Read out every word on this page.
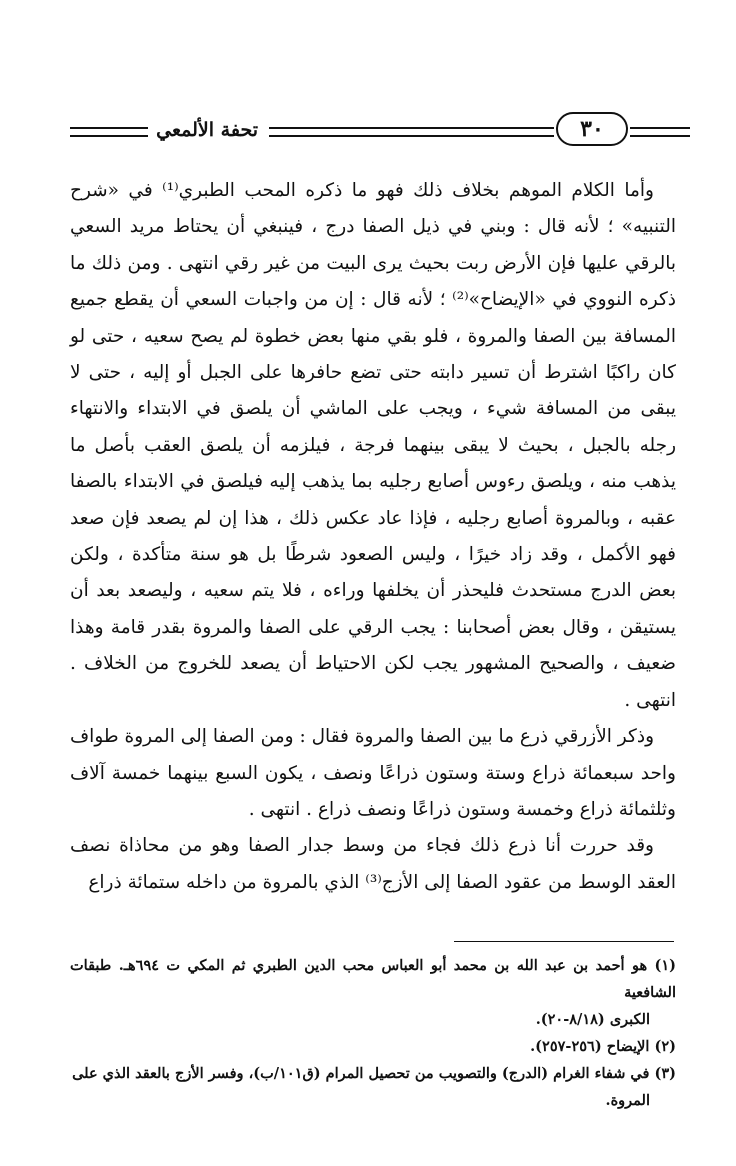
٣٠
تحفة الألمعي

وأما الكلام الموهم بخلاف ذلك فهو ما ذكره المحب الطبري⁽¹⁾ في «شرح التنبيه» ؛ لأنه قال : وبني في ذيل الصفا درج ، فينبغي أن يحتاط مريد السعي بالرقي عليها فإن الأرض ربت بحيث يرى البيت من غير رقي انتهى . ومن ذلك ما ذكره النووي في «الإيضاح»⁽²⁾ ؛ لأنه قال : إن من واجبات السعي أن يقطع جميع المسافة بين الصفا والمروة ، فلو بقي منها بعض خطوة لم يصح سعيه ، حتى لو كان راكبًا اشترط أن تسير دابته حتى تضع حافرها على الجبل أو إليه ، حتى لا يبقى من المسافة شيء ، ويجب على الماشي أن يلصق في الابتداء والانتهاء رجله بالجبل ، بحيث لا يبقى بينهما فرجة ، فيلزمه أن يلصق العقب بأصل ما يذهب منه ، ويلصق رءوس أصابع رجليه بما يذهب إليه فيلصق في الابتداء بالصفا عقبه ، وبالمروة أصابع رجليه ، فإذا عاد عكس ذلك ، هذا إن لم يصعد فإن صعد فهو الأكمل ، وقد زاد خيرًا ، وليس الصعود شرطًا بل هو سنة متأكدة ، ولكن بعض الدرج مستحدث فليحذر أن يخلفها وراءه ، فلا يتم سعيه ، وليصعد بعد أن يستيقن ، وقال بعض أصحابنا : يجب الرقي على الصفا والمروة بقدر قامة وهذا ضعيف ، والصحيح المشهور يجب لكن الاحتياط أن يصعد للخروج من الخلاف . انتهى .

وذكر الأزرقي ذرع ما بين الصفا والمروة فقال : ومن الصفا إلى المروة طواف واحد سبعمائة ذراع وستة وستون ذراعًا ونصف ، يكون السبع بينهما خمسة آلاف وثلثمائة ذراع وخمسة وستون ذراعًا ونصف ذراع . انتهى .

وقد حررت أنا ذرع ذلك فجاء من وسط جدار الصفا وهو من محاذاة نصف العقد الوسط من عقود الصفا إلى الأزج⁽³⁾ الذي بالمروة من داخله ستمائة ذراع

(١) هو أحمد بن عبد الله بن محمد أبو العباس محب الدين الطبري ثم المكي ت ٦٩٤هـ. طبقات الشافعية

الكبرى (٨/١٨-٢٠).

(٢) الإيضاح (٢٥٦-٢٥٧).

(٣) في شفاء الغرام (الدرج) والتصويب من تحصيل المرام (ق١٠١/ب)، وفسر الأزج بالعقد الذي على

المروة.
